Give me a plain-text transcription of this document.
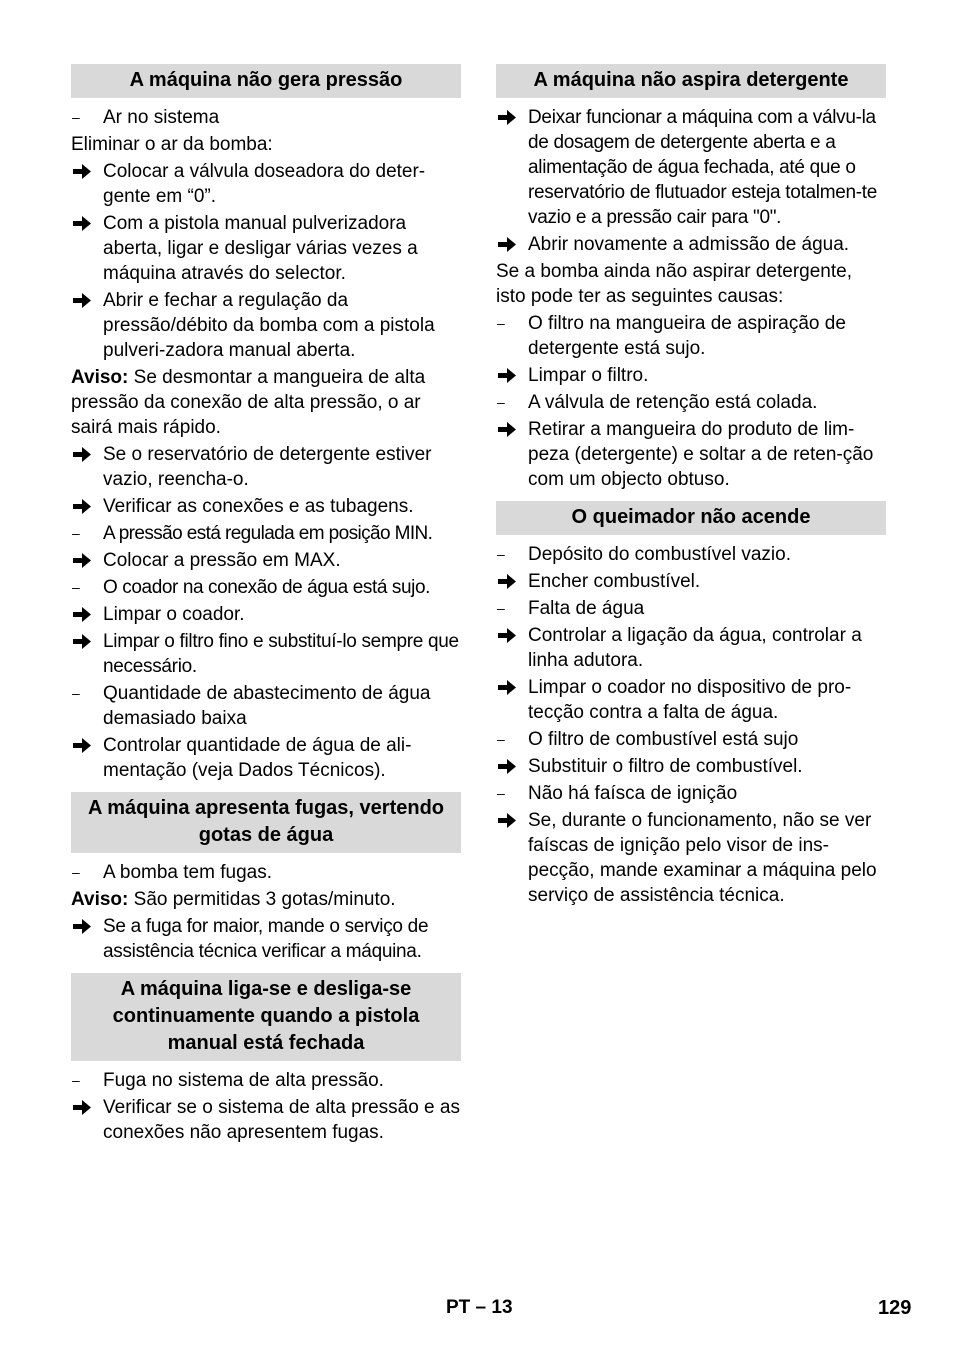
A máquina não gera pressão
–	Ar no sistema
Eliminar o ar da bomba:
Colocar a válvula doseadora do deter-gente em “0”.
Com a pistola manual pulverizadora aberta, ligar e desligar várias vezes a máquina através do selector.
Abrir e fechar a regulação da pressão/débito da bomba com a pistola pulveri-zadora manual aberta.
Aviso: Se desmontar a mangueira de alta pressão da conexão de alta pressão, o ar sairá mais rápido.
Se o reservatório de detergente estiver vazio, reencha-o.
Verificar as conexões e as tubagens.
–	A pressão está regulada em posição MIN.
Colocar a pressão em MAX.
–	O coador na conexão de água está sujo.
Limpar o coador.
Limpar o filtro fino e substituí-lo sempre que necessário.
–	Quantidade de abastecimento de água demasiado baixa
Controlar quantidade de água de ali-mentação (veja Dados Técnicos).
A máquina apresenta fugas, vertendo gotas de água
–	A bomba tem fugas.
Aviso: São permitidas 3 gotas/minuto.
Se a fuga for maior, mande o serviço de assistência técnica verificar a máquina.
A máquina liga-se e desliga-se continuamente quando a pistola manual está fechada
–	Fuga no sistema de alta pressão.
Verificar se o sistema de alta pressão e as conexões não apresentem fugas.
A máquina não aspira detergente
Deixar funcionar a máquina com a válvu-la de dosagem de detergente aberta e a alimentação de água fechada, até que o reservatório de flutuador esteja totalmen-te vazio e a pressão cair para "0".
Abrir novamente a admissão de água.
Se a bomba ainda não aspirar detergente, isto pode ter as seguintes causas:
–	O filtro na mangueira de aspiração de detergente está sujo.
Limpar o filtro.
–	A válvula de retenção está colada.
Retirar a mangueira do produto de lim-peza (detergente) e soltar a de reten-ção com um objecto obtuso.
O queimador não acende
–	Depósito do combustível vazio.
Encher combustível.
–	Falta de água
Controlar a ligação da água, controlar a linha adutora.
Limpar o coador no dispositivo de pro-tecção contra a falta de água.
–	O filtro de combustível está sujo
Substituir o filtro de combustível.
–	Não há faísca de ignição
Se, durante o funcionamento, não se ver faíscas de ignição pelo visor de ins-pecção, mande examinar a máquina pelo serviço de assistência técnica.
PT – 13	129
